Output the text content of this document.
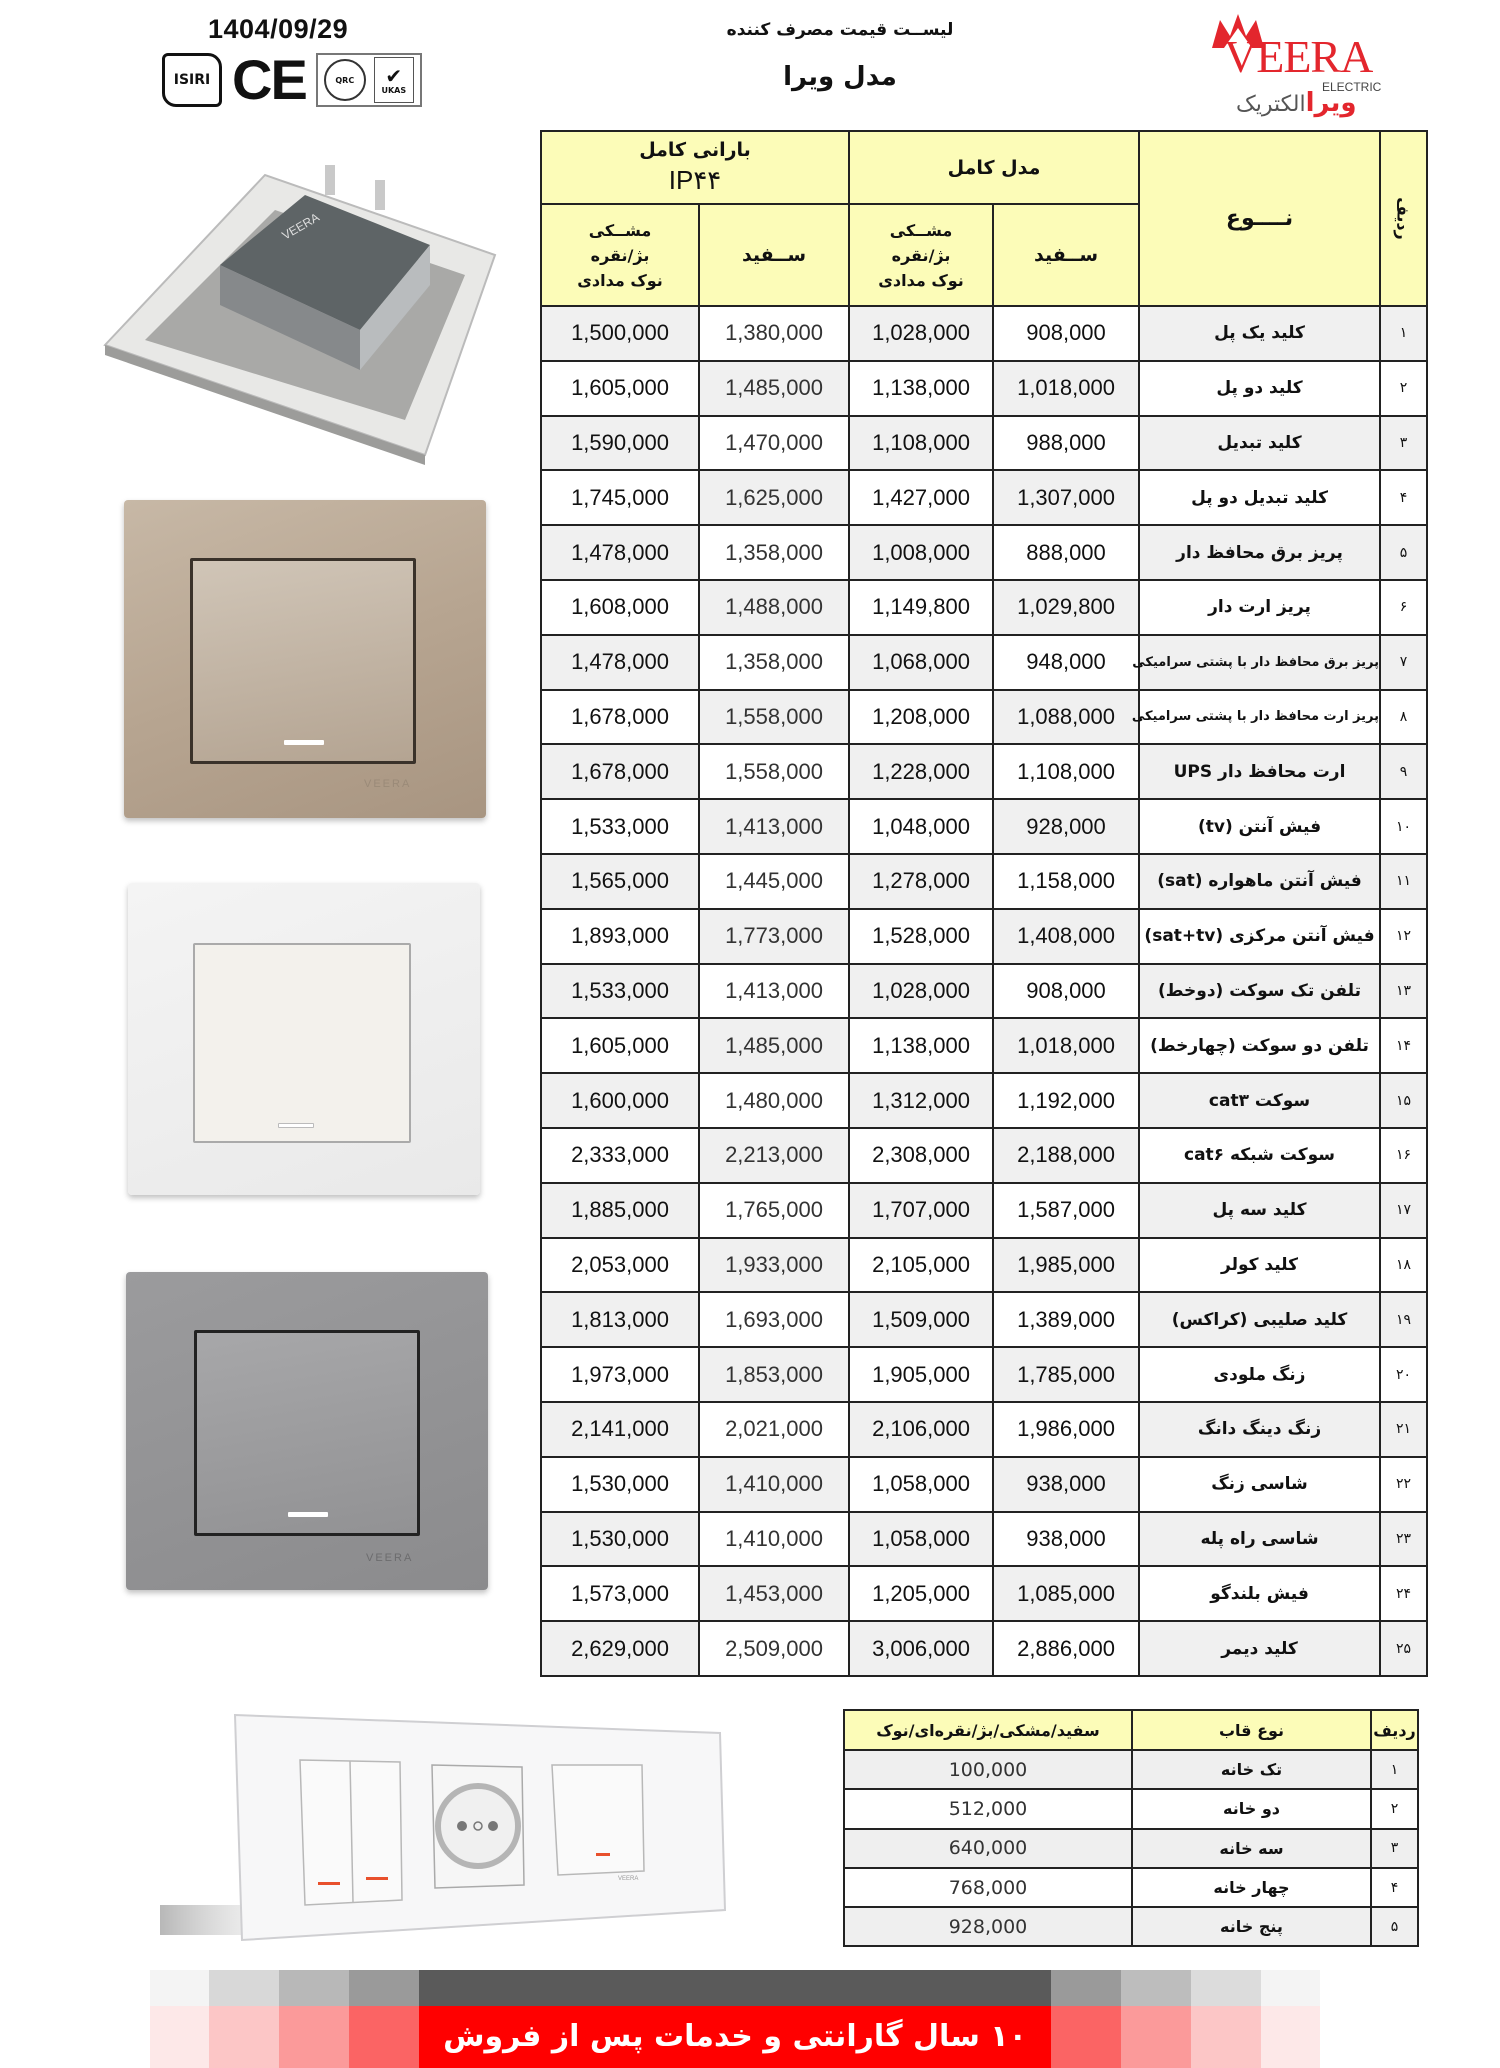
1404/09/29
ISIRI CE	QRC	✔
UKAS
لیســت قیمت مصرف کننده
مدل ویرا	VEERA
ELECTRIC
ویراالکتریک
VEERA
VEERA
VEERA
VEERA
بارانی کامل
IP۴۴		مدل کامل		نــــوع	ردیف

مشــکی
بژ/نقره
نوک مدادی
	ســفید	
مشــکی
بژ/نقره
نوک مدادی
	ســفید
1,500,000	1,380,000	1,028,000	908,000	کلید یک پل	۱
1,605,000	1,485,000	1,138,000	1,018,000	کلید دو پل	۲
1,590,000	1,470,000	1,108,000	988,000	کلید تبدیل	۳
1,745,000	1,625,000	1,427,000	1,307,000	کلید تبدیل دو پل	۴
1,478,000	1,358,000	1,008,000	888,000	پریز برق محافظ دار	۵
1,608,000	1,488,000	1,149,800	1,029,800	پریز ارت دار	۶
1,478,000	1,358,000	1,068,000	948,000	پریز برق محافظ دار با پشتی سرامیکی	۷
1,678,000	1,558,000	1,208,000	1,088,000	پریز ارت محافظ دار با پشتی سرامیکی	۸
1,678,000	1,558,000	1,228,000	1,108,000	ارت محافظ دار UPS	۹
1,533,000	1,413,000	1,048,000	928,000	فیش آنتن (tv)	۱۰
1,565,000	1,445,000	1,278,000	1,158,000	فیش آنتن ماهواره (sat)	۱۱
1,893,000	1,773,000	1,528,000	1,408,000	فیش آنتن مرکزی (sat+tv)	۱۲
1,533,000	1,413,000	1,028,000	908,000	تلفن تک سوکت (دوخط)	۱۳
1,605,000	1,485,000	1,138,000	1,018,000	تلفن دو سوکت (چهارخط)	۱۴
1,600,000	1,480,000	1,312,000	1,192,000	سوکت cat۳	۱۵
2,333,000	2,213,000	2,308,000	2,188,000	سوکت شبکه cat۶	۱۶
1,885,000	1,765,000	1,707,000	1,587,000	کلید سه پل	۱۷
2,053,000	1,933,000	2,105,000	1,985,000	کلید کولر	۱۸
1,813,000	1,693,000	1,509,000	1,389,000	کلید صلیبی (کراکس)	۱۹
1,973,000	1,853,000	1,905,000	1,785,000	زنگ ملودی	۲۰
2,141,000	2,021,000	2,106,000	1,986,000	زنگ دینگ دانگ	۲۱
1,530,000	1,410,000	1,058,000	938,000	شاسی زنگ	۲۲
1,530,000	1,410,000	1,058,000	938,000	شاسی راه پله	۲۳
1,573,000	1,453,000	1,205,000	1,085,000	فیش بلندگو	۲۴
2,629,000	2,509,000	3,006,000	2,886,000	کلید دیمر	۲۵
سفید/مشکی/بژ/نقره‌ای/نوک	نوع قاب	ردیف
100,000	تک خانه	۱
512,000	دو خانه	۲
640,000	سه خانه	۳
768,000	چهار خانه	۴
928,000	پنج خانه	۵
۱۰ سال گارانتی و خدمات پس از فروش
